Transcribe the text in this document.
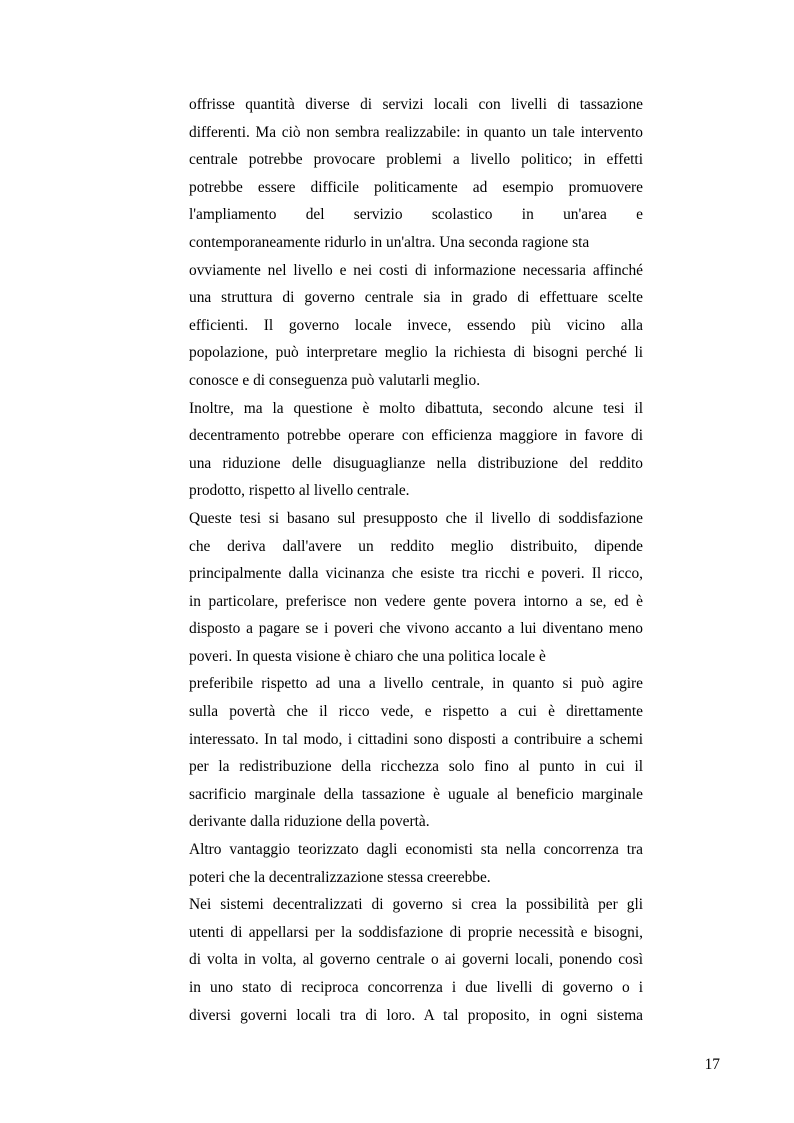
offrisse quantità diverse di servizi locali con livelli di tassazione
differenti. Ma ciò non sembra realizzabile: in quanto un tale intervento
centrale potrebbe provocare problemi a livello politico; in effetti
potrebbe essere difficile politicamente ad esempio promuovere
l'ampliamento del servizio scolastico in un'area e
contemporaneamente ridurlo in un'altra. Una seconda ragione sta
ovviamente nel livello e nei costi di informazione necessaria affinché
una struttura di governo centrale sia in grado di effettuare scelte
efficienti. Il governo locale invece, essendo più vicino alla
popolazione, può interpretare meglio la richiesta di bisogni perché li
conosce e di conseguenza può valutarli meglio.
Inoltre, ma la questione è molto dibattuta, secondo alcune tesi il
decentramento potrebbe operare con efficienza maggiore in favore di
una riduzione delle disuguaglianze nella distribuzione del reddito
prodotto, rispetto al livello centrale.
Queste tesi si basano sul presupposto che il livello di soddisfazione
che deriva dall'avere un reddito meglio distribuito, dipende
principalmente dalla vicinanza che esiste tra ricchi e poveri. Il ricco,
in particolare, preferisce non vedere gente povera intorno a se, ed è
disposto a pagare se i poveri che vivono accanto a lui diventano meno
poveri. In questa visione è chiaro che una politica locale è
preferibile rispetto ad una a livello centrale, in quanto si può agire
sulla povertà che il ricco vede, e rispetto a cui è direttamente
interessato. In tal modo, i cittadini sono disposti a contribuire a schemi
per la redistribuzione della ricchezza solo fino al punto in cui il
sacrificio marginale della tassazione è uguale al beneficio marginale
derivante dalla riduzione della povertà.
Altro vantaggio teorizzato dagli economisti sta nella concorrenza tra
poteri che la decentralizzazione stessa creerebbe.
Nei sistemi decentralizzati di governo si crea la possibilità per gli
utenti di appellarsi per la soddisfazione di proprie necessità e bisogni,
di volta in volta, al governo centrale o ai governi locali, ponendo così
in uno stato di reciproca concorrenza i due livelli di governo o i
diversi governi locali tra di loro. A tal proposito, in ogni sistema
17
